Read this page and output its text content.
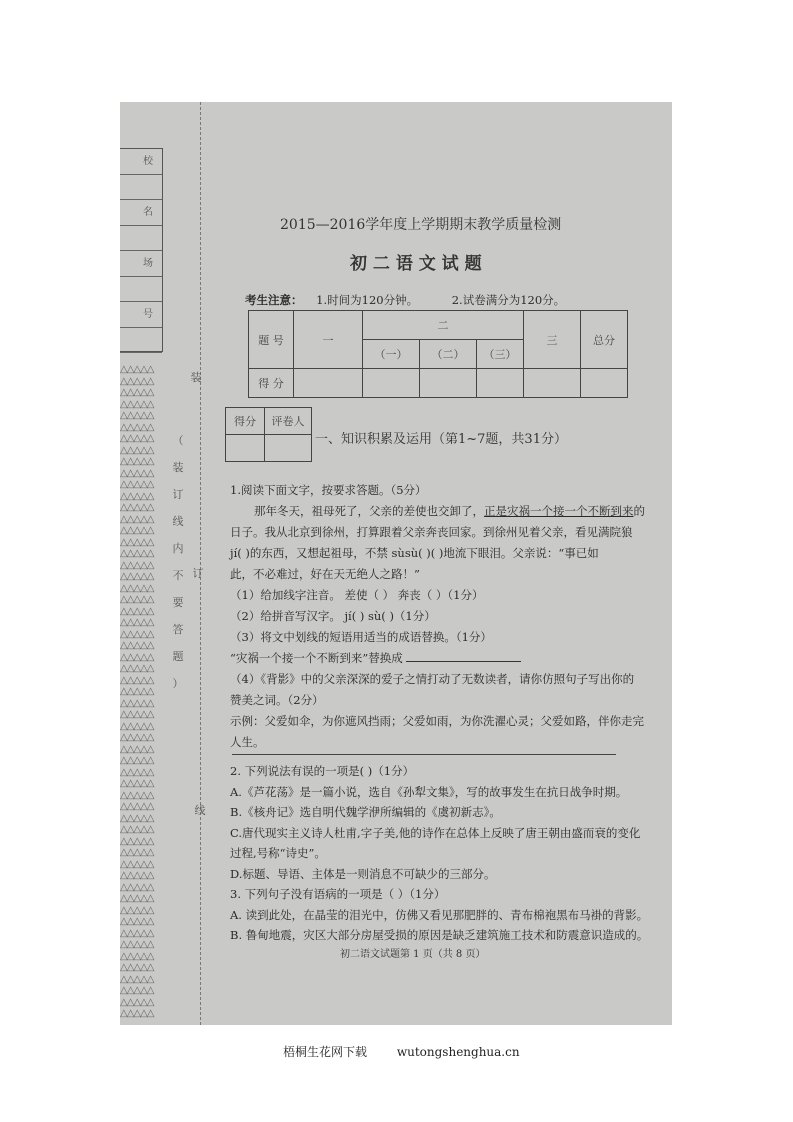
校
名
场
号
△△△△△
△△△△△
△△△△△
△△△△△
△△△△△
△△△△△
△△△△△
△△△△△
△△△△△
△△△△△
△△△△△
△△△△△
△△△△△
△△△△△
△△△△△
△△△△△
△△△△△
△△△△△
△△△△△
△△△△△
△△△△△
△△△△△
△△△△△
△△△△△
△△△△△
△△△△△
△△△△△
△△△△△
△△△△△
△△△△△
△△△△△
△△△△△
△△△△△
△△△△△
△△△△△
△△△△△
△△△△△
△△△△△
△△△△△
△△△△△
△△△△△
△△△△△
△△△△△
△△△△△
△△△△△
△△△△△
△△△△△
△△△△△
△△△△△
△△△△△
△△△△△
△△△△△
△△△△△
△△△△△
△△△△△
△△△△△
△△△△△
装
订
线
（
装
订
线
内
不
要
答
题
）
2015—2016学年度上学期期末教学质量检测
初 二 语 文 试 题
考生注意： 1.时间为120分钟。	2.试卷满分为120分。
题 号	一	二			三	总分
		（一）	（二）	（三）		
得 分						
得分	评卷人

一、知识积累及运用（第1~7题，共31分）
1.阅读下面文字，按要求答题。（5分）
那年冬天，祖母死了，父亲的差使也交卸了，正是灾祸一个接一个不断到来的
日子。我从北京到徐州，打算跟着父亲奔丧回家。到徐州见着父亲，看见满院狼
jí( )的东西，又想起祖母，不禁 sùsù( )( )地流下眼泪。父亲说：“事已如
此，不必难过，好在天无绝人之路！”
（1）给加线字注音。 差使（ ） 奔丧（ ）（1分）
（2）给拼音写汉字。 jí( ) sù( )（1分）
（3）将文中划线的短语用适当的成语替换。（1分）
“灾祸一个接一个不断到来”替换成
（4）《背影》中的父亲深深的爱子之情打动了无数读者，请你仿照句子写出你的
赞美之词。（2分）
示例：父爱如伞，为你遮风挡雨；父爱如雨，为你洗濯心灵；父爱如路，伴你走完
人生。
2. 下列说法有误的一项是( )（1分）
A.《芦花荡》是一篇小说，选自《孙犁文集》，写的故事发生在抗日战争时期。
B.《核舟记》选自明代魏学洢所编辑的《虞初新志》。
C.唐代现实主义诗人杜甫,字子美,他的诗作在总体上反映了唐王朝由盛而衰的变化
过程,号称“诗史”。
D.标题、导语、主体是一则消息不可缺少的三部分。
3. 下列句子没有语病的一项是（ ）（1分）
A. 读到此处，在晶莹的泪光中，仿佛又看见那肥胖的、青布棉袍黑布马褂的背影。
B. 鲁甸地震，灾区大部分房屋受损的原因是缺乏建筑施工技术和防震意识造成的。
初二语文试题第 1 页（共 8 页）
梧桐生花网下载 wutongshenghua.cn
